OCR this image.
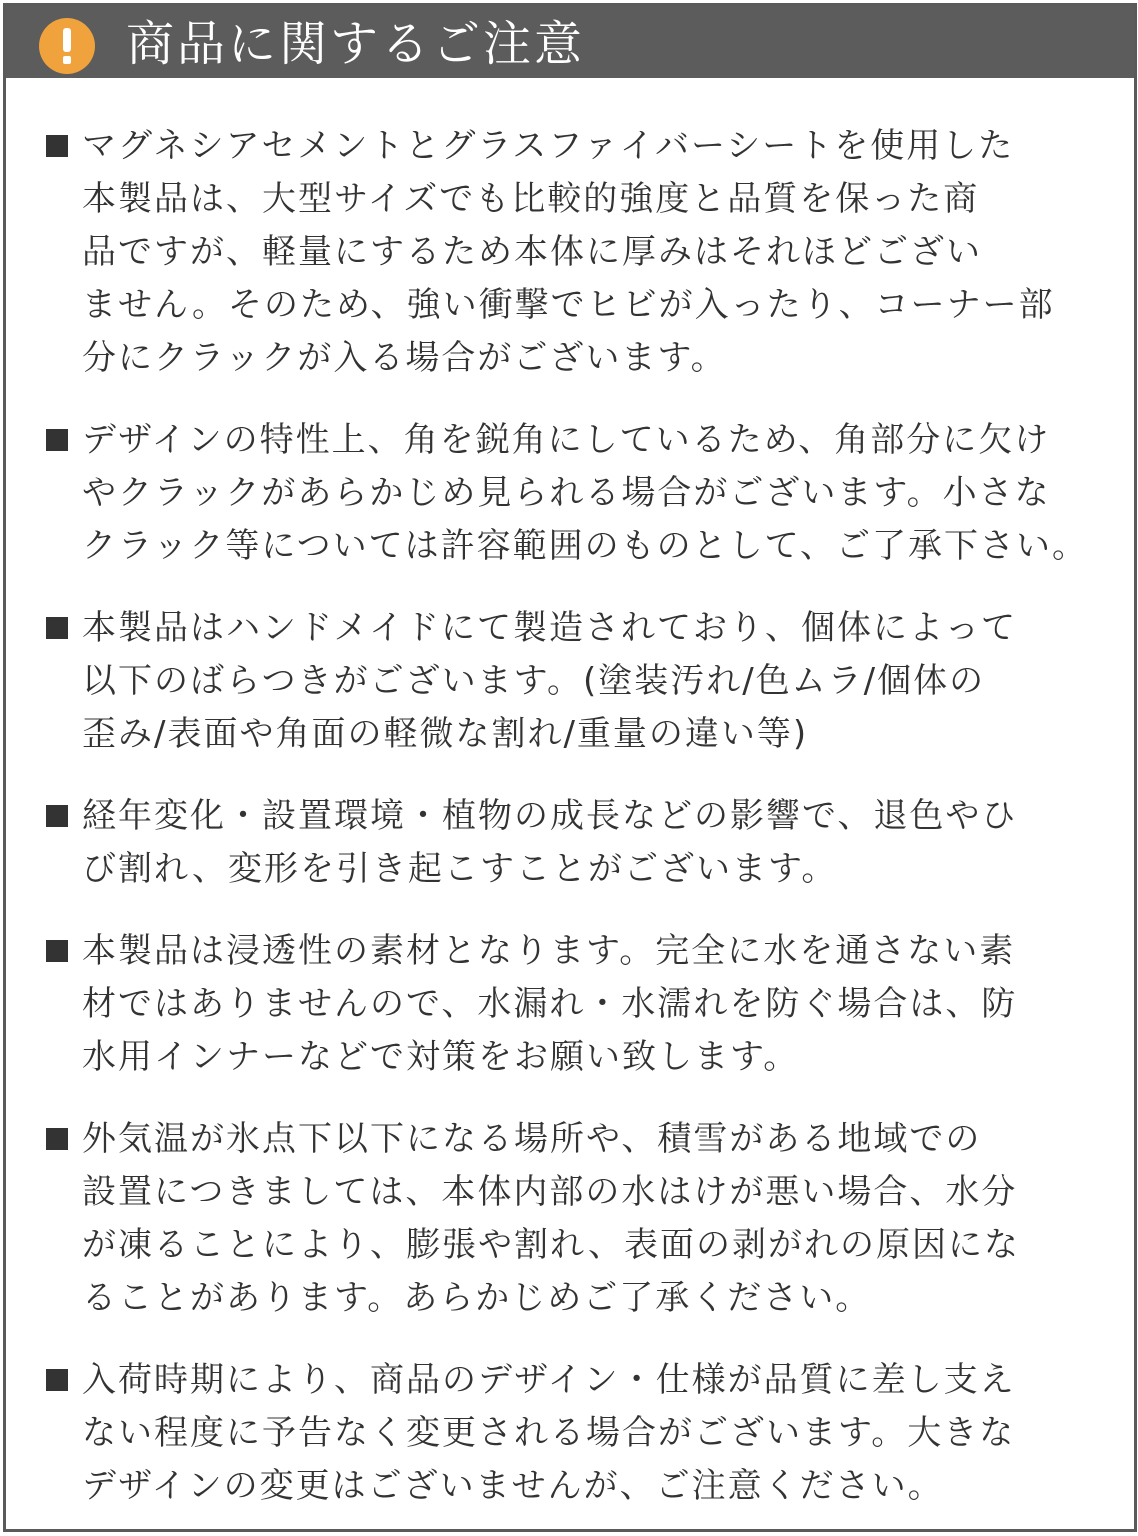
商品に関するご注意
マグネシアセメントとグラスファイバーシートを使用した
本製品は、大型サイズでも比較的強度と品質を保った商
品ですが、軽量にするため本体に厚みはそれほどござい
ません。そのため、強い衝撃でヒビが入ったり、コーナー部
分にクラックが入る場合がございます。
デザインの特性上、角を鋭角にしているため、角部分に欠け
やクラックがあらかじめ見られる場合がございます。小さな
クラック等については許容範囲のものとして、ご了承下さい。
本製品はハンドメイドにて製造されており、個体によって
以下のばらつきがございます。(塗装汚れ/色ムラ/個体の
歪み/表面や角面の軽微な割れ/重量の違い等)
経年変化・設置環境・植物の成長などの影響で、退色やひ
び割れ、変形を引き起こすことがございます。
本製品は浸透性の素材となります。完全に水を通さない素
材ではありませんので、水漏れ・水濡れを防ぐ場合は、防
水用インナーなどで対策をお願い致します。
外気温が氷点下以下になる場所や、積雪がある地域での
設置につきましては、本体内部の水はけが悪い場合、水分
が凍ることにより、膨張や割れ、表面の剥がれの原因にな
ることがあります。あらかじめご了承ください。
入荷時期により、商品のデザイン・仕様が品質に差し支え
ない程度に予告なく変更される場合がございます。大きな
デザインの変更はございませんが、ご注意ください。
